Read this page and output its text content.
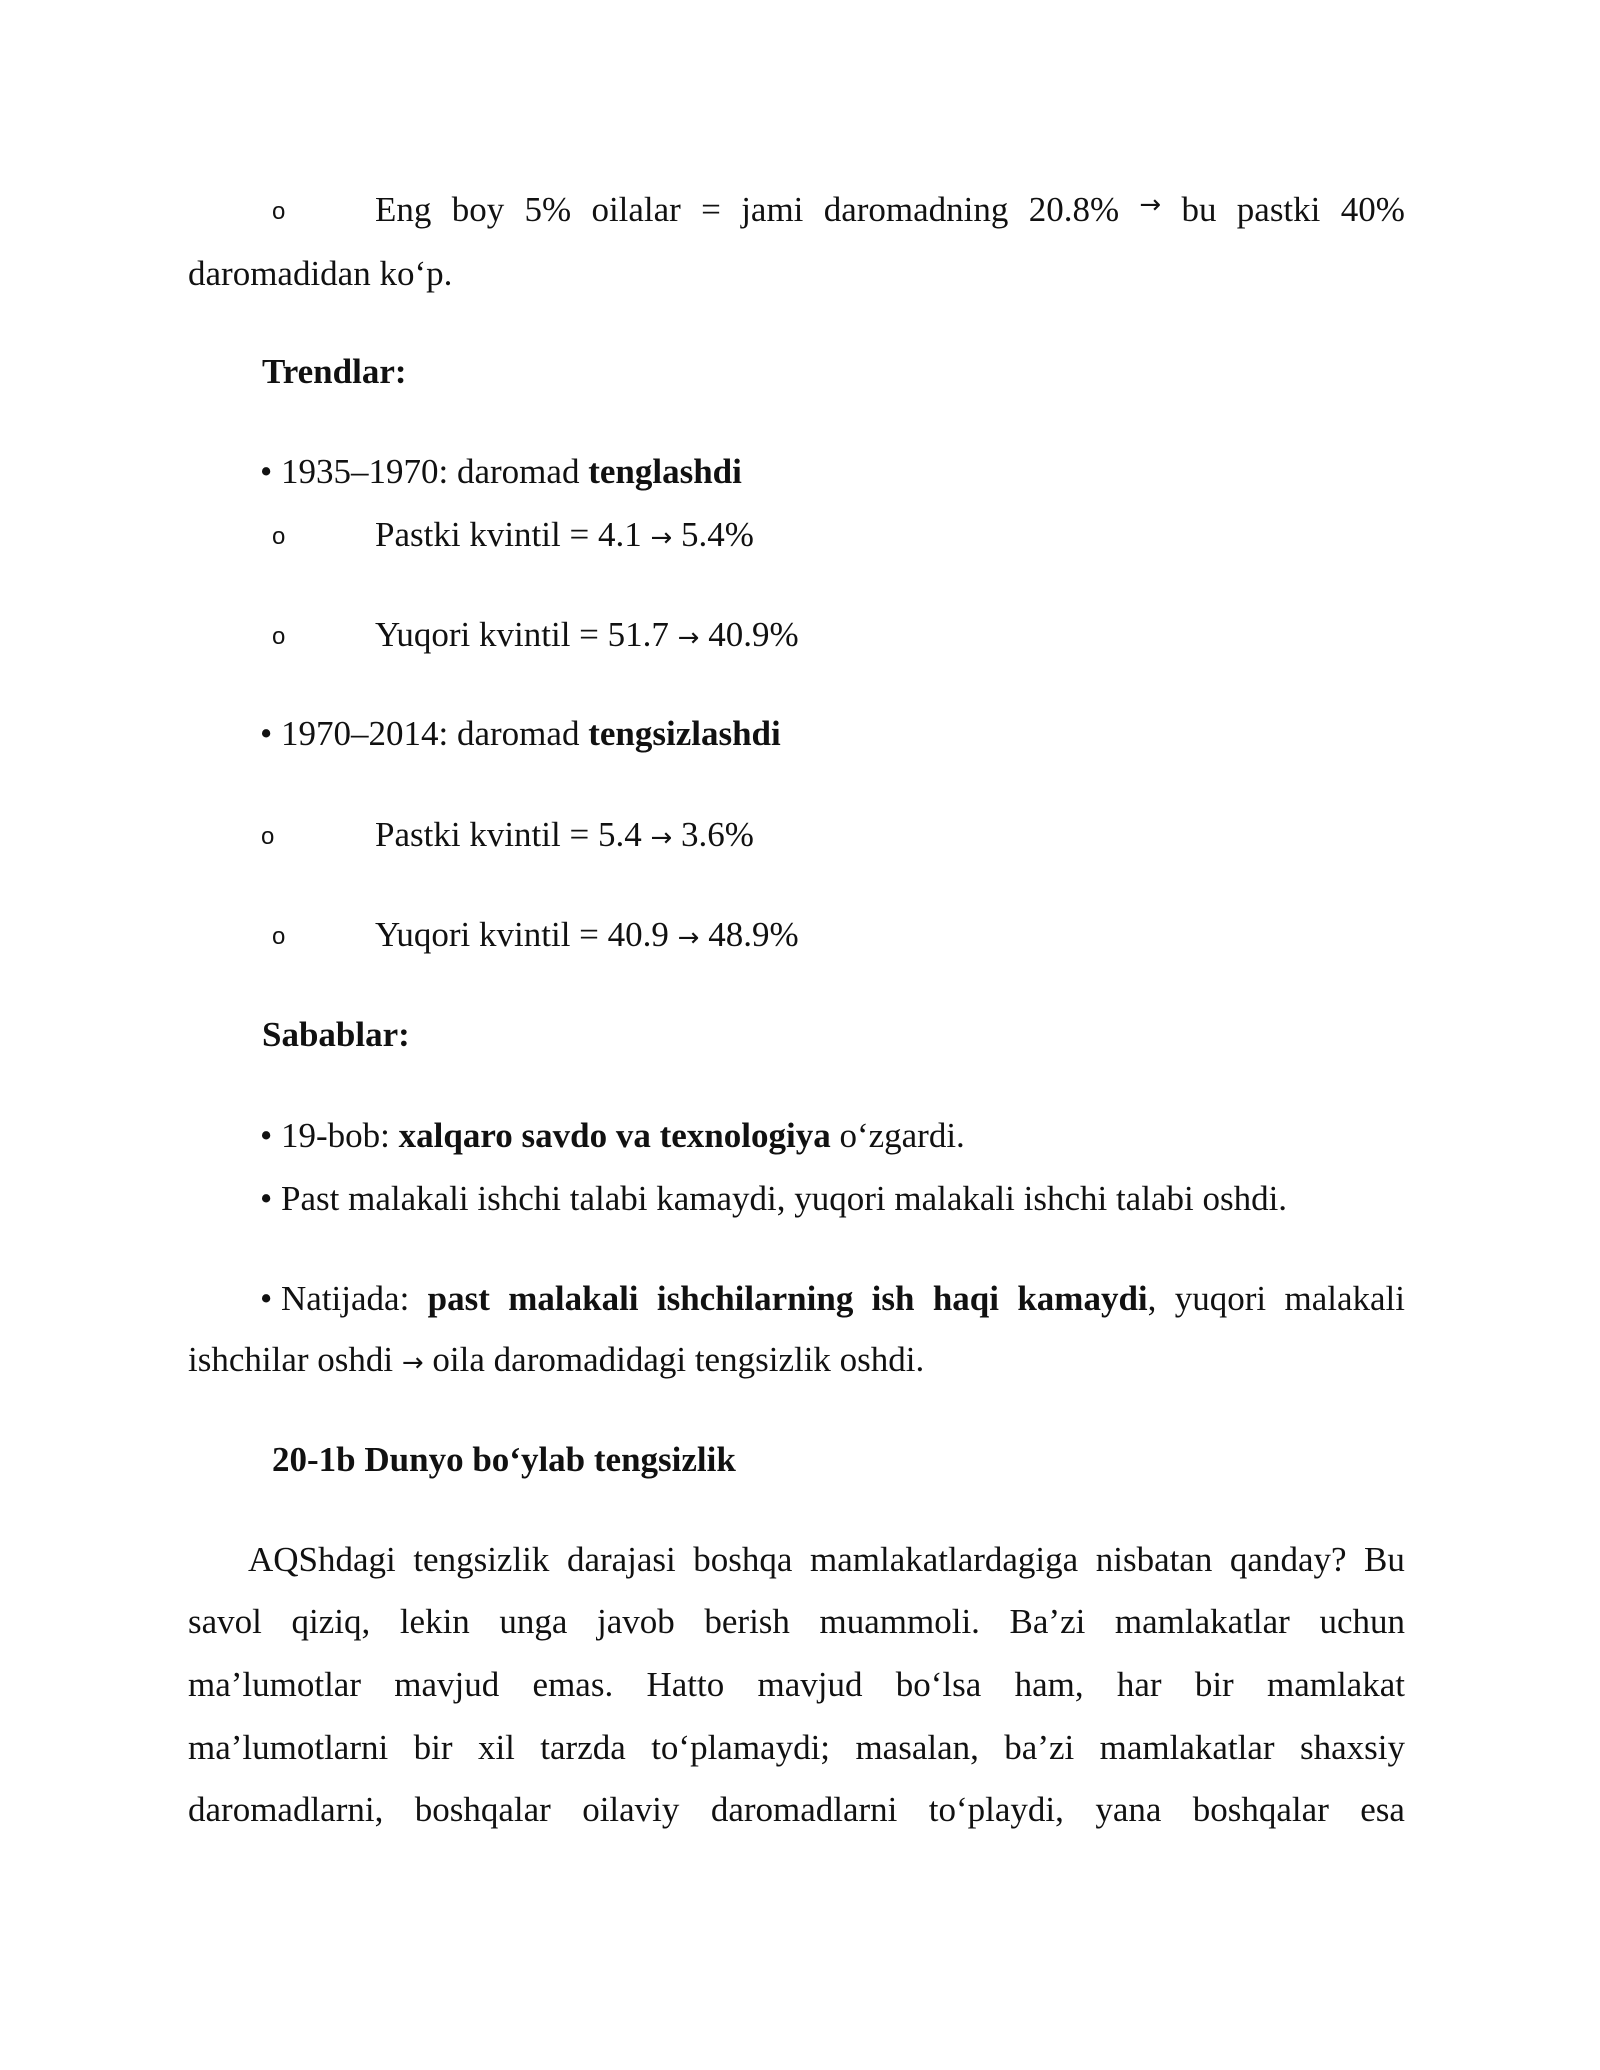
o	Eng boy 5% oilalar = jami daromadning 20.8% → bu pastki 40%
daromadidan ko‘p.
Trendlar:
• 1935–1970: daromad tenglashdi
o	Pastki kvintil = 4.1 → 5.4%
o	Yuqori kvintil = 51.7 → 40.9%
• 1970–2014: daromad tengsizlashdi
o	Pastki kvintil = 5.4 → 3.6%
o	Yuqori kvintil = 40.9 → 48.9%
Sabablar:
• 19-bob: xalqaro savdo va texnologiya o‘zgardi.
• Past malakali ishchi talabi kamaydi, yuqori malakali ishchi talabi oshdi.
• Natijada: past malakali ishchilarning ish haqi kamaydi, yuqori malakali
ishchilar oshdi → oila daromadidagi tengsizlik oshdi.
20-1b Dunyo bo‘ylab tengsizlik
AQShdagi tengsizlik darajasi boshqa mamlakatlardagiga nisbatan qanday? Bu
savol qiziq, lekin unga javob berish muammoli. Ba’zi mamlakatlar uchun
ma’lumotlar mavjud emas. Hatto mavjud bo‘lsa ham, har bir mamlakat
ma’lumotlarni bir xil tarzda to‘plamaydi; masalan, ba’zi mamlakatlar shaxsiy
daromadlarni, boshqalar oilaviy daromadlarni to‘playdi, yana boshqalar esa
